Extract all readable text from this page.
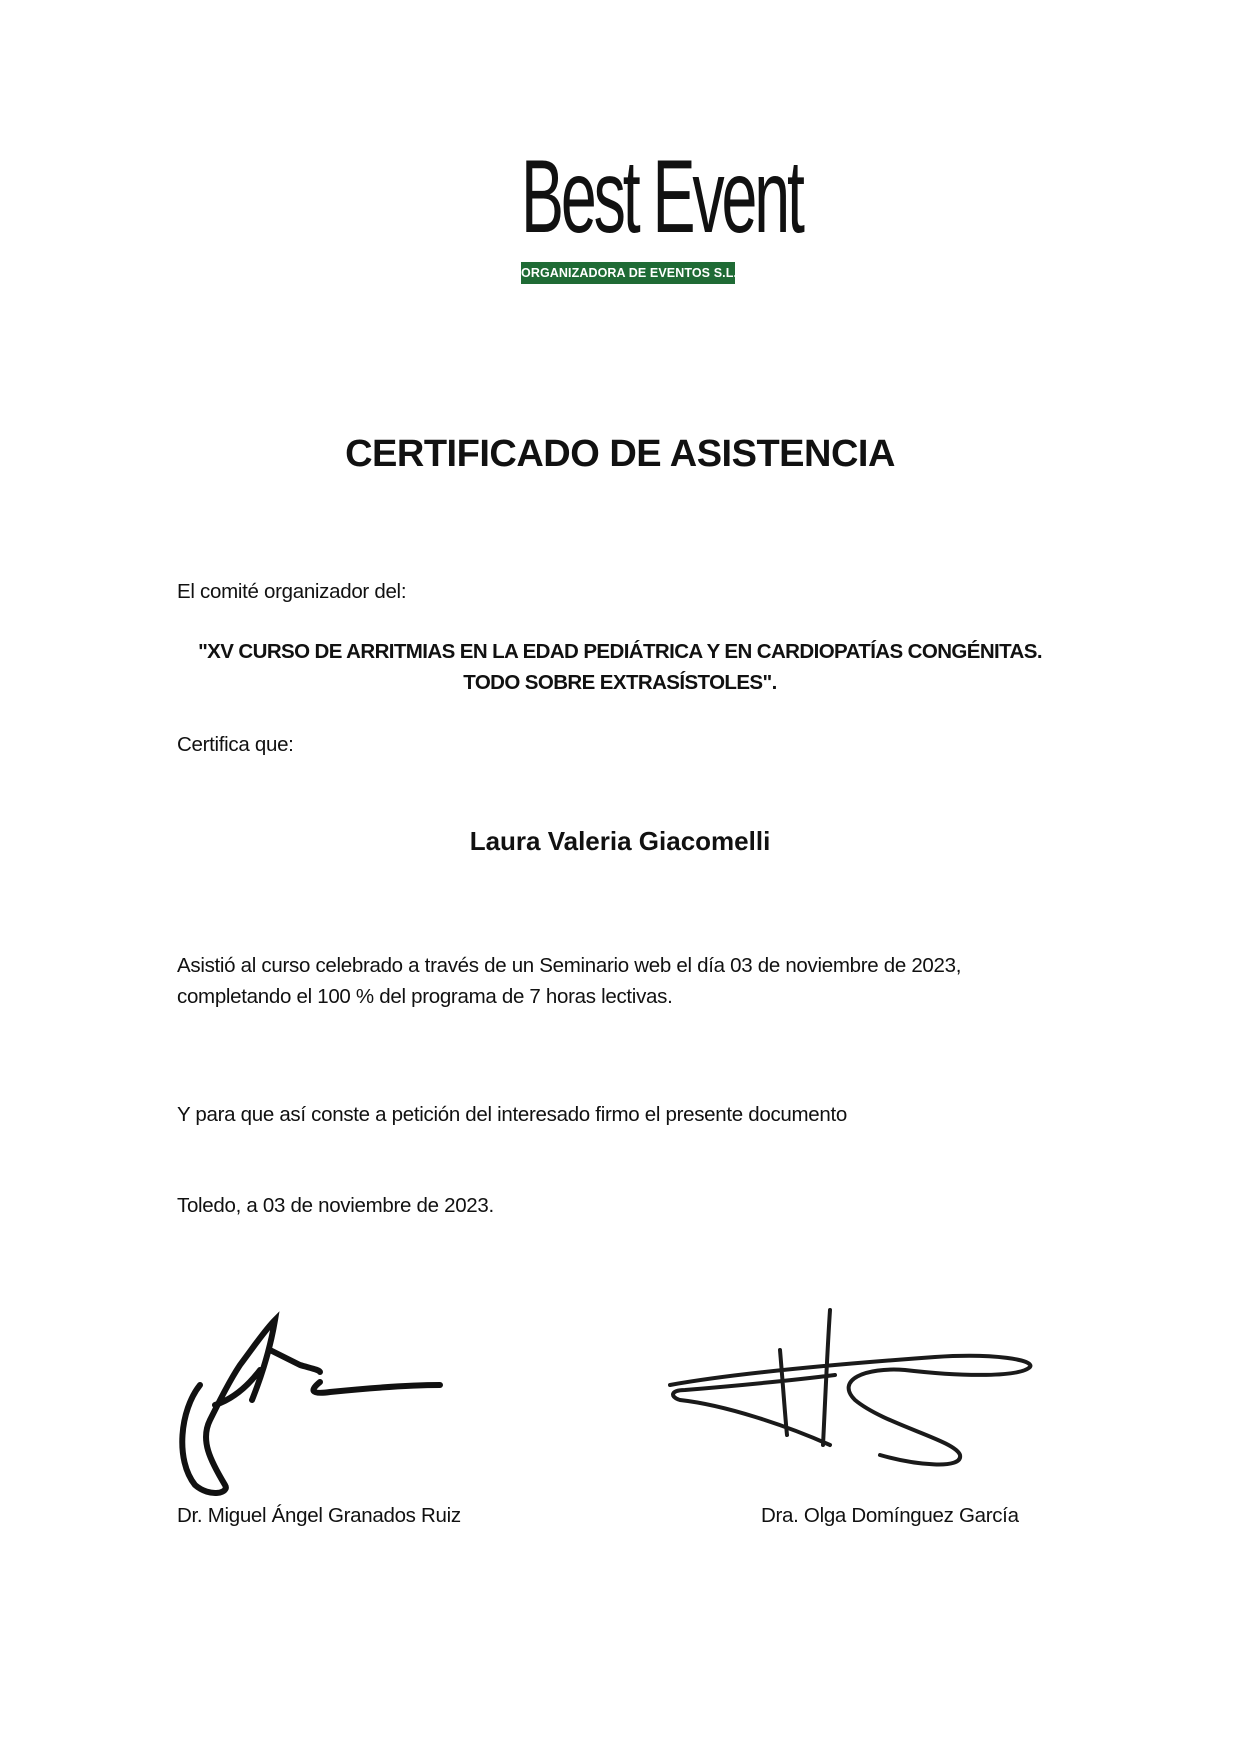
Best Event
ORGANIZADORA DE EVENTOS S.L.
CERTIFICADO DE ASISTENCIA
El comité organizador del:
"XV CURSO DE ARRITMIAS EN LA EDAD PEDIÁTRICA Y EN CARDIOPATÍAS CONGÉNITAS.
TODO SOBRE EXTRASÍSTOLES".
Certifica que:
Laura Valeria Giacomelli
Asistió al curso celebrado a través de un Seminario web el día 03 de noviembre de 2023,
completando el 100 % del programa de 7 horas lectivas.
Y para que así conste a petición del interesado firmo el presente documento
Toledo, a 03 de noviembre de 2023.
Dr. Miguel Ángel Granados Ruiz	Dra. Olga Domínguez García
